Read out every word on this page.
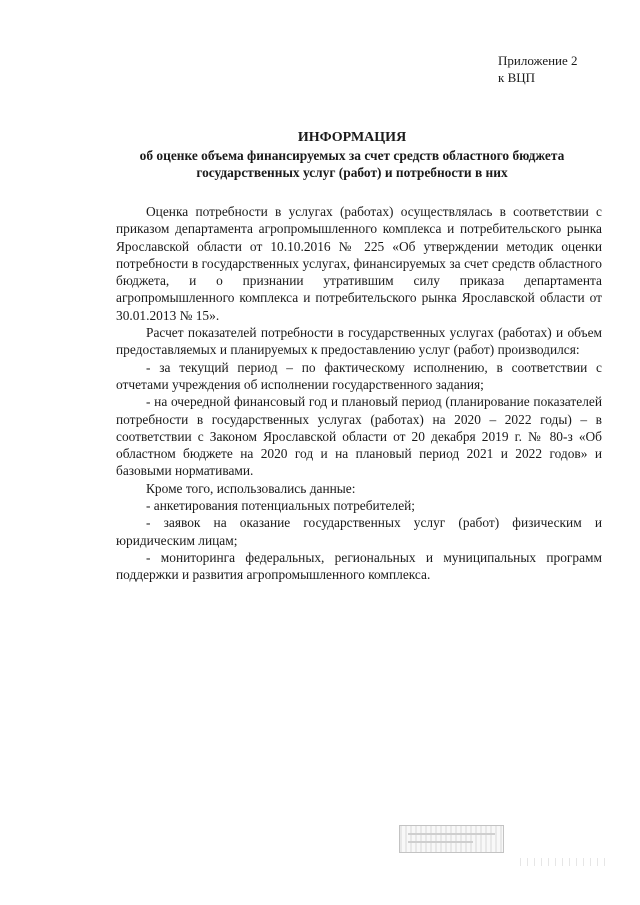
Приложение 2
к ВЦП
ИНФОРМАЦИЯ
об оценке объема финансируемых за счет средств областного бюджета
государственных услуг (работ) и потребности в них

Оценка потребности в услугах (работах) осуществлялась в соответствии с приказом департамента агропромышленного комплекса и потребительского рынка Ярославской области от 10.10.2016 № 225 «Об утверждении методик оценки потребности в государственных услугах, финансируемых за счет средств областного бюджета, и о признании утратившим силу приказа департамента агропромышленного комплекса и потребительского рынка Ярославской области от 30.01.2013 № 15».

Расчет показателей потребности в государственных услугах (работах) и объем предоставляемых и планируемых к предоставлению услуг (работ) производился:

- за текущий период – по фактическому исполнению, в соответствии с отчетами учреждения об исполнении государственного задания;

- на очередной финансовый год и плановый период (планирование показателей потребности в государственных услугах (работах) на 2020 – 2022 годы) – в соответствии с Законом Ярославской области от 20 декабря 2019 г. № 80-з «Об областном бюджете на 2020 год и на плановый период 2021 и 2022 годов» и базовыми нормативами.

Кроме того, использовались данные:

- анкетирования потенциальных потребителей;

- заявок на оказание государственных услуг (работ) физическим и юридическим лицам;

- мониторинга федеральных, региональных и муниципальных программ поддержки и развития агропромышленного комплекса.
